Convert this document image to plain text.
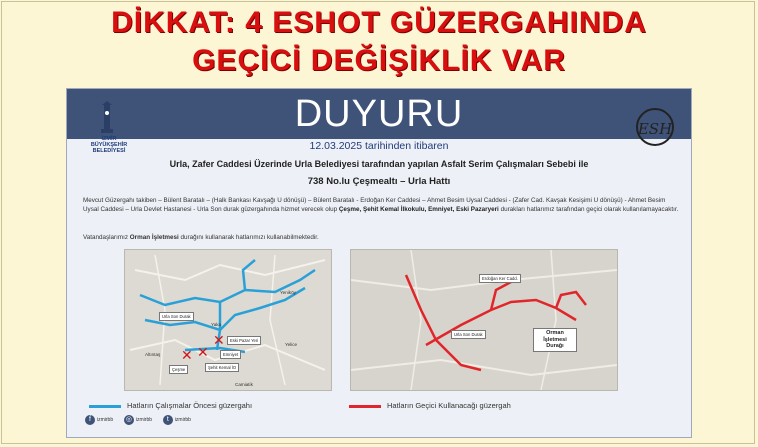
DİKKAT: 4 ESHOT GÜZERGAHINDA
GEÇİCİ DEĞİŞİKLİK VAR
DUYURU
İZMİR
BÜYÜKŞEHİR
BELEDİYESİ
ESH
12.03.2025 tarihinden itibaren
Urla, Zafer Caddesi Üzerinde Urla Belediyesi tarafından yapılan Asfalt Serim Çalışmaları Sebebi ile
738 No.lu Çeşmealtı – Urla Hattı
Mevcut Güzergahı takiben – Bülent Baratalı – (Halk Bankası Kavşağı U dönüşü) – Bülent Baratalı - Erdoğan Ker Caddesi – Ahmet Besim Uysal Caddesi - (Zafer Cad. Kavşak Kesişimi U dönüşü) - Ahmet Besim Uysal Caddesi – Urla Devlet Hastanesi - Urla Son durak güzergahında hizmet verecek olup Çeşme, Şehit Kemal İlkokulu, Emniyet, Eski Pazaryeri durakları hatlarımız tarafından geçici olarak kullanılamayacaktır.
Vatandaşlarımız Orman İşletmesi durağını kullanarak hatlarımızı kullanabilmektedir.
Urla Son Durak
Eski Pazar Yeri
Emniyet
Şehit Kemal İO
Çeşme
Yaka
Altıntaş
Yeniköy
Yelice
Camiatik
✕ ✕
✕
Erdoğan Ker Cadd.
Urla Son Durak	Orman İşletmesi Durağı
Hatların Çalışmalar Öncesi güzergahı	Hatların Geçici Kullanacağı güzergah
f izmirbb ◎ izmirbb t izmirbb
